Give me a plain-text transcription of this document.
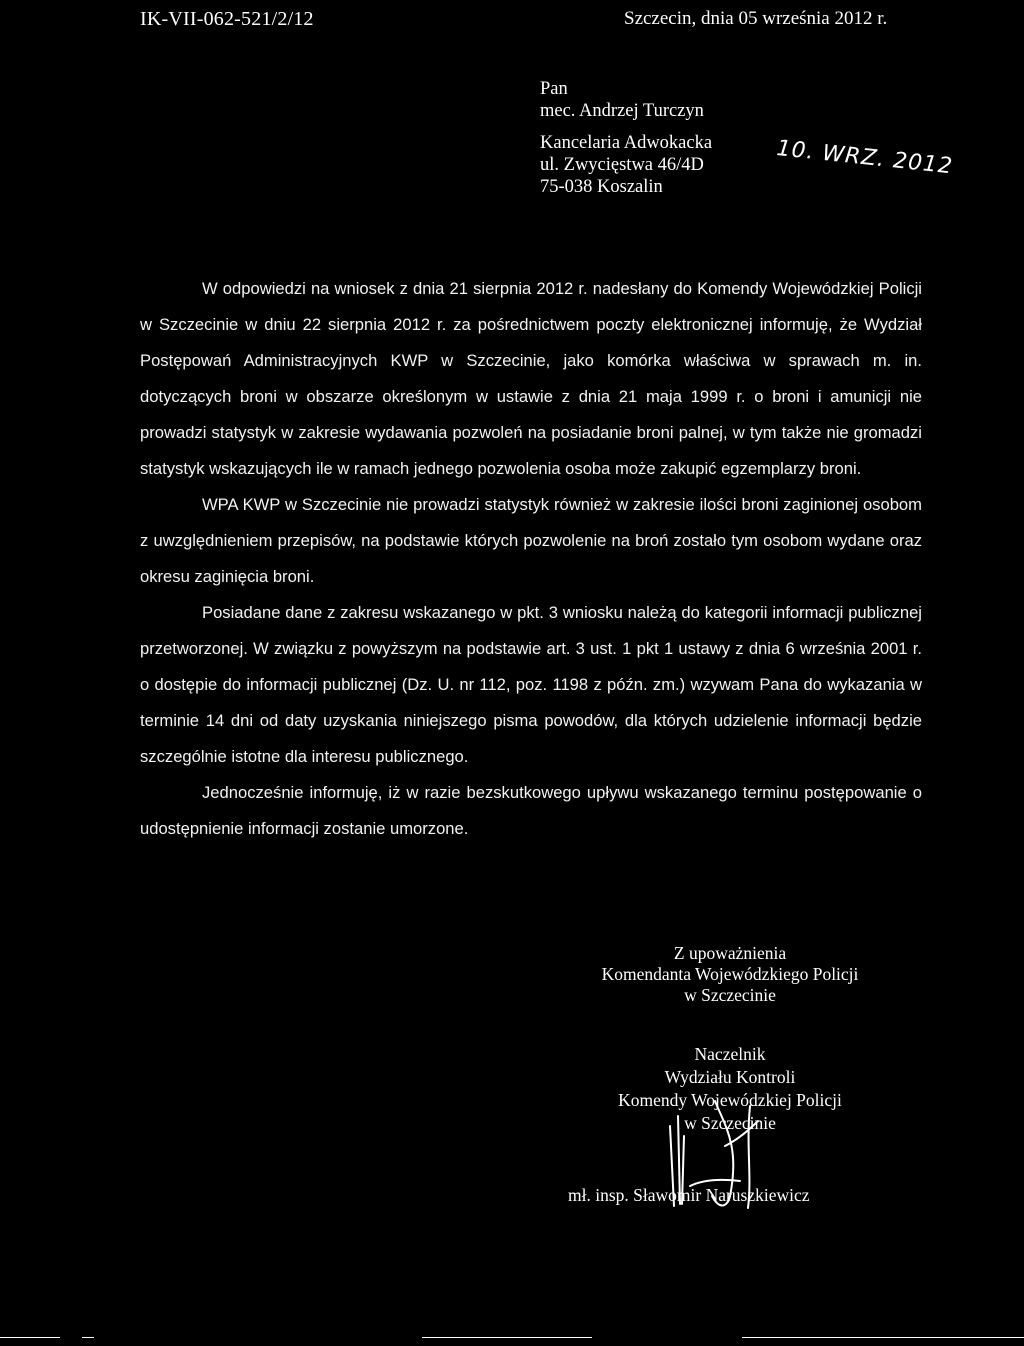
IK-VII-062-521/2/12	Szczecin, dnia 05 września 2012 r.
Pan
mec. Andrzej Turczyn
Kancelaria Adwokacka
ul. Zwycięstwa 46/4D
75-038 Koszalin
10. WRZ. 2012

W odpowiedzi na wniosek z dnia 21 sierpnia 2012 r. nadesłany do Komendy Wojewódzkiej Policji w Szczecinie w dniu 22 sierpnia 2012 r. za pośrednictwem poczty elektronicznej informuję, że Wydział Postępowań Administracyjnych KWP w Szczecinie, jako komórka właściwa w sprawach m. in. dotyczących broni w obszarze określonym w ustawie z dnia 21 maja 1999 r. o broni i amunicji nie prowadzi statystyk w zakresie wydawania pozwoleń na posiadanie broni palnej, w tym także nie gromadzi statystyk wskazujących ile w ramach jednego pozwolenia osoba może zakupić egzemplarzy broni.

WPA KWP w Szczecinie nie prowadzi statystyk również w zakresie ilości broni zaginionej osobom z uwzględnieniem przepisów, na podstawie których pozwolenie na broń zostało tym osobom wydane oraz okresu zaginięcia broni.

Posiadane dane z zakresu wskazanego w pkt. 3 wniosku należą do kategorii informacji publicznej przetworzonej. W związku z powyższym na podstawie art. 3 ust. 1 pkt 1 ustawy z dnia 6 września 2001 r. o dostępie do informacji publicznej (Dz. U. nr 112, poz. 1198 z późn. zm.) wzywam Pana do wykazania w terminie 14 dni od daty uzyskania niniejszego pisma powodów, dla których udzielenie informacji będzie szczególnie istotne dla interesu publicznego.

Jednocześnie informuję, iż w razie bezskutkowego upływu wskazanego terminu postępowanie o udostępnienie informacji zostanie umorzone.

Z upoważnienia
Komendanta Wojewódzkiego Policji
w Szczecinie
Naczelnik
Wydziału Kontroli
Komendy Wojewódzkiej Policji
w Szczecinie
mł. insp. Sławomir Naruszkiewicz
